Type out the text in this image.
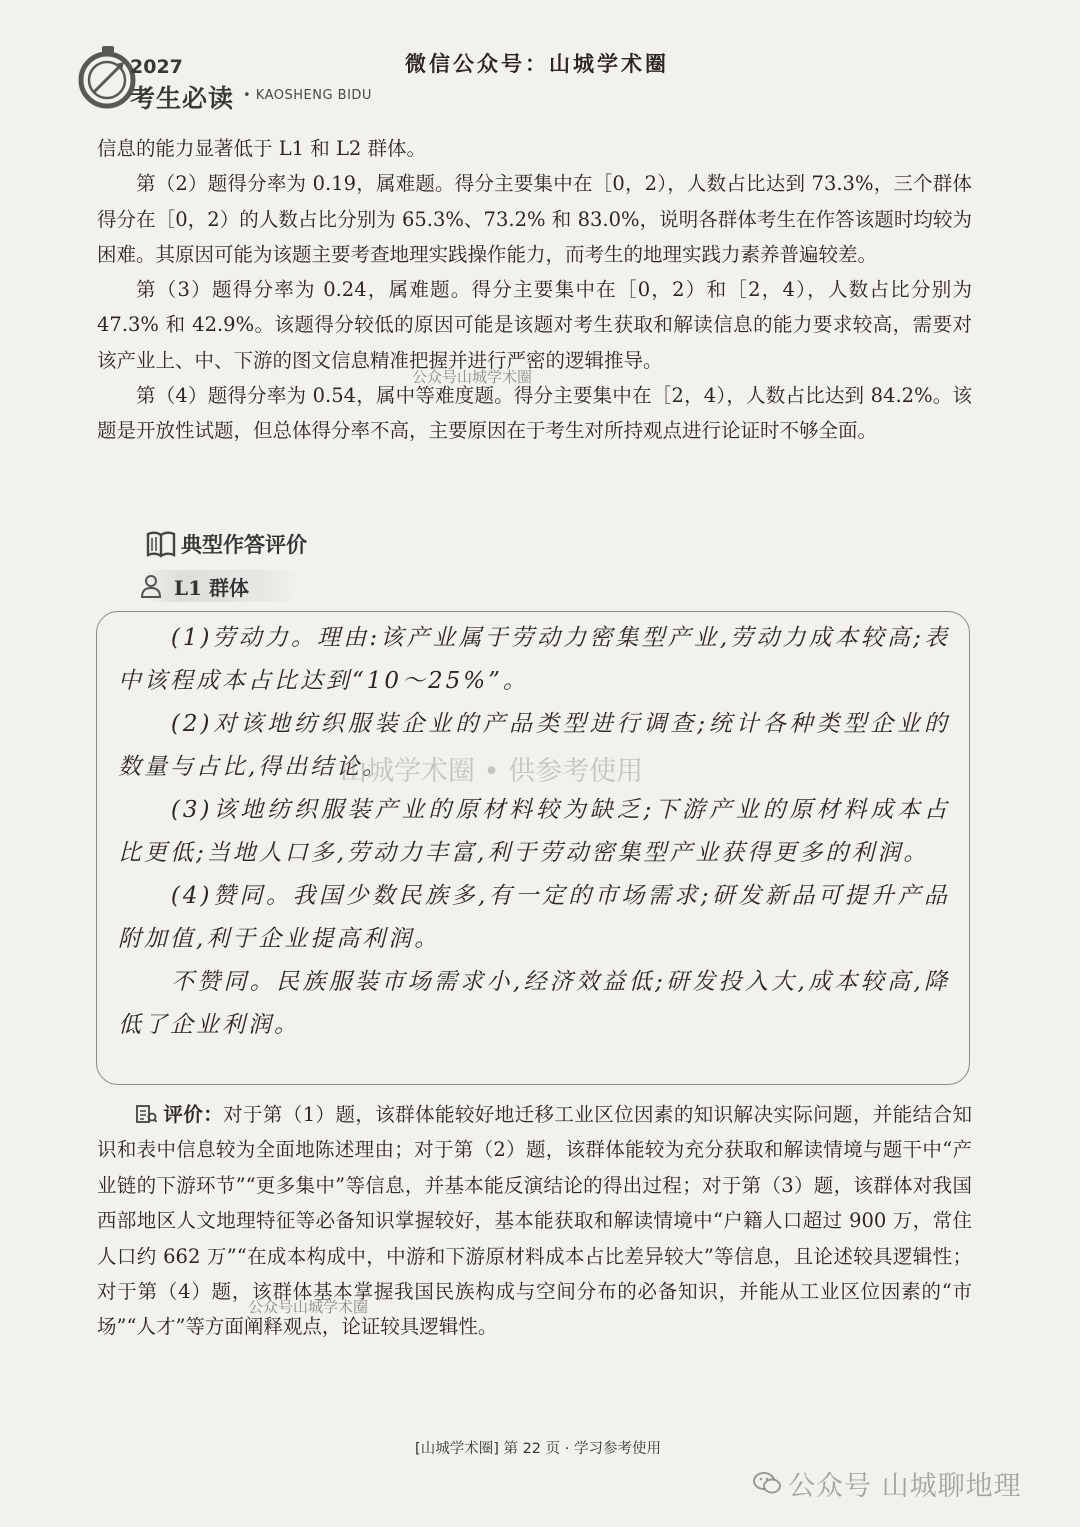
2027
考生必读 • KAOSHENG BIDU
微信公众号：山城学术圈

信息的能力显著低于 L1 和 L2 群体。

第（2）题得分率为 0.19，属难题。得分主要集中在［0，2），人数占比达到 73.3%，三个群体得分在［0，2）的人数占比分别为 65.3%、73.2% 和 83.0%，说明各群体考生在作答该题时均较为困难。其原因可能为该题主要考查地理实践操作能力，而考生的地理实践力素养普遍较差。

第（3）题得分率为 0.24，属难题。得分主要集中在［0，2）和［2，4），人数占比分别为 47.3% 和 42.9%。该题得分较低的原因可能是该题对考生获取和解读信息的能力要求较高，需要对该产业上、中、下游的图文信息精准把握并进行严密的逻辑推导。

第（4）题得分率为 0.54，属中等难度题。得分主要集中在［2，4），人数占比达到 84.2%。该题是开放性试题，但总体得分率不高，主要原因在于考生对所持观点进行论证时不够全面。

典型作答评价
L1 群体

(1)劳动力。理由:该产业属于劳动力密集型产业,劳动力成本较高;表中该程成本占比达到“10～25%”。

(2)对该地纺织服装企业的产品类型进行调查;统计各种类型企业的数量与占比,得出结论。

(3)该地纺织服装产业的原材料较为缺乏;下游产业的原材料成本占比更低;当地人口多,劳动力丰富,利于劳动密集型产业获得更多的利润。

(4)赞同。我国少数民族多,有一定的市场需求;研发新品可提升产品附加值,利于企业提高利润。

不赞同。民族服装市场需求小,经济效益低;研发投入大,成本较高,降低了企业利润。

评价：对于第（1）题，该群体能较好地迁移工业区位因素的知识解决实际问题，并能结合知识和表中信息较为全面地陈述理由；对于第（2）题，该群体能较为充分获取和解读情境与题干中“产业链的下游环节”“更多集中”等信息，并基本能反演结论的得出过程；对于第（3）题，该群体对我国西部地区人文地理特征等必备知识掌握较好，基本能获取和解读情境中“户籍人口超过 900 万，常住人口约 662 万”“在成本构成中，中游和下游原材料成本占比差异较大”等信息，且论述较具逻辑性；对于第（4）题，该群体基本掌握我国民族构成与空间分布的必备知识，并能从工业区位因素的“市场”“人才”等方面阐释观点，论证较具逻辑性。
公众号山城学术圈
山城学术圈 • 供参考使用
公众号山城学术圈
[山城学术圈] 第 22 页 · 学习参考使用
公众号 山城聊地理
